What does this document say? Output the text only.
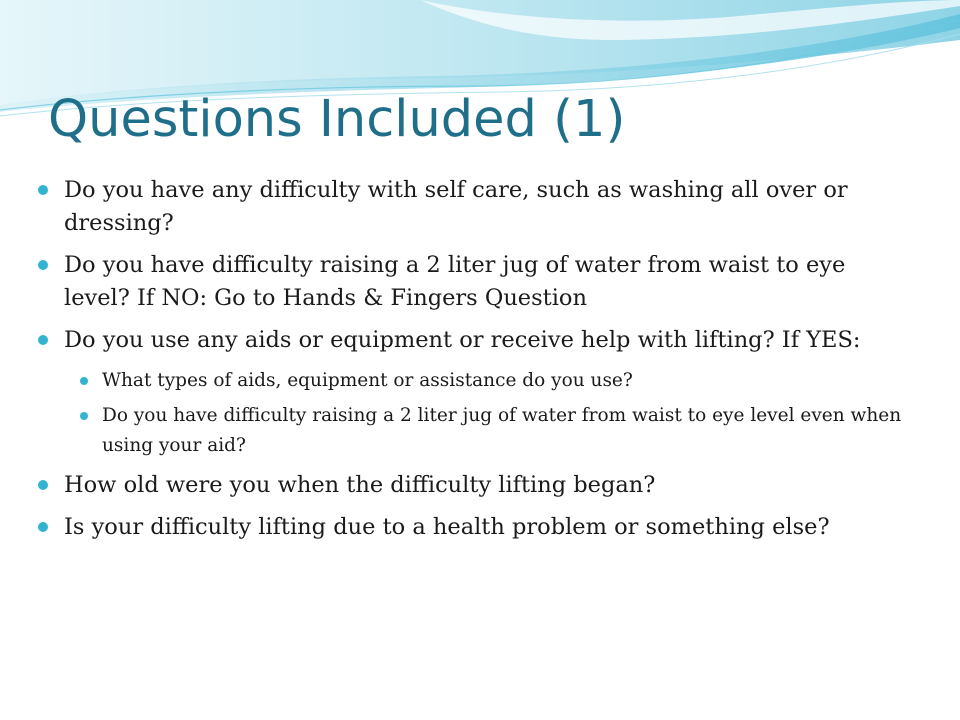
Questions Included (1)
Do you have any difficulty with self care, such as washing all over or dressing?
Do you have difficulty raising a 2 liter jug of water from waist to eye level? If NO: Go to Hands & Fingers Question
Do you use any aids or equipment or receive help with lifting? If YES:
What types of aids, equipment or assistance do you use?
Do you have difficulty raising a 2 liter jug of water from waist to eye level even when using your aid?
How old were you when the difficulty lifting began?
Is your difficulty lifting due to a health problem or something else?
